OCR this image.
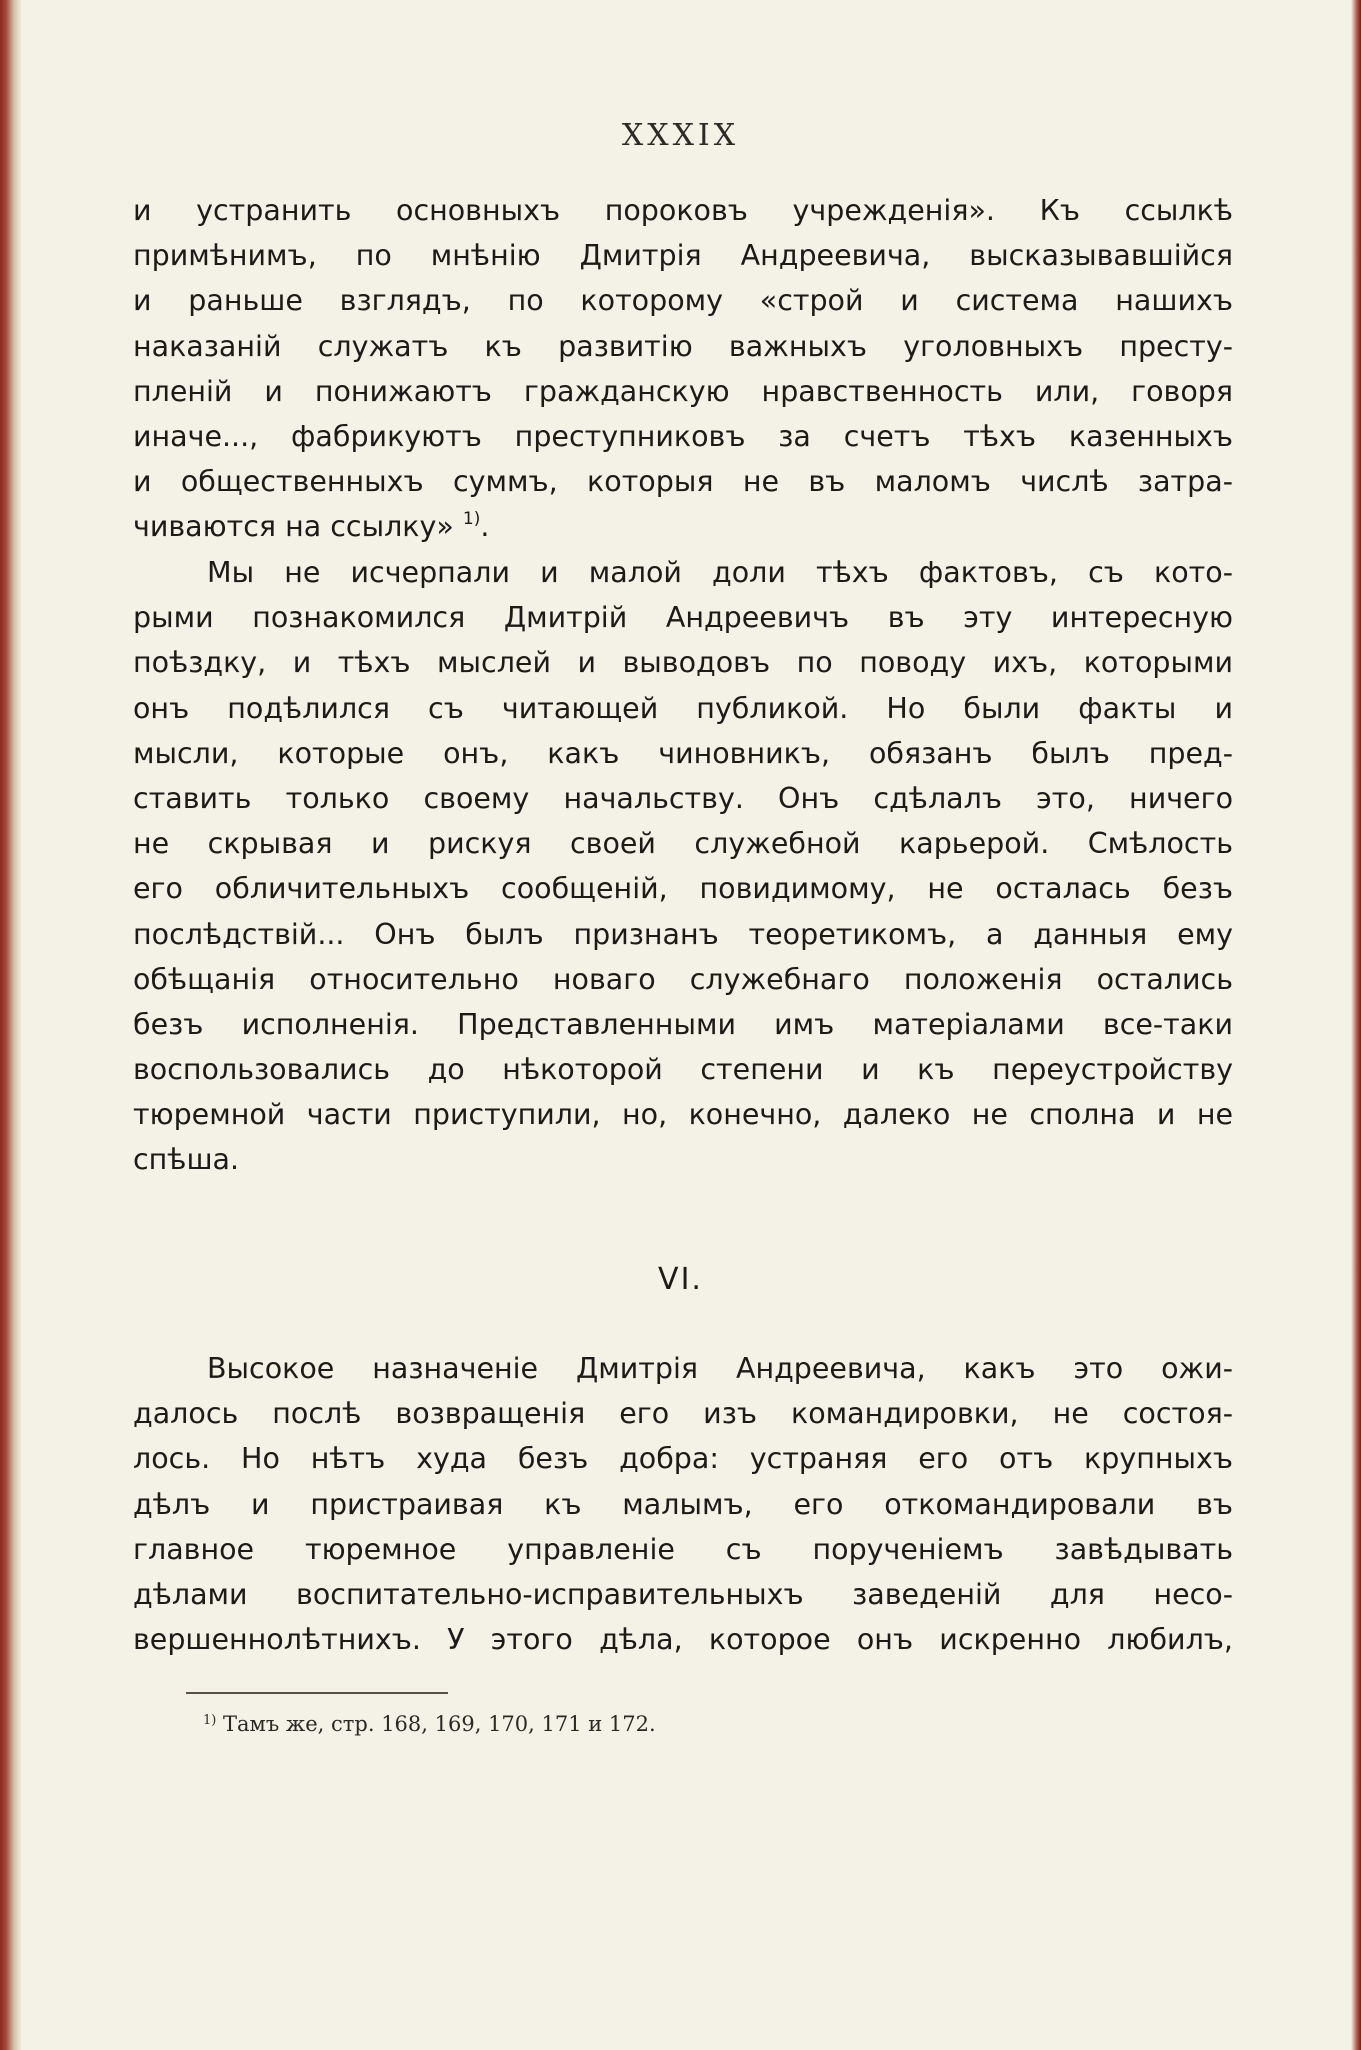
XXXIX
и устранить основныхъ пороковъ учрежденія». Къ ссылкѣ
примѣнимъ, по мнѣнію Дмитрія Андреевича, высказывавшійся
и раньше взглядъ, по которому «строй и система нашихъ
наказаній служатъ къ развитію важныхъ уголовныхъ престу-
пленій и понижаютъ гражданскую нравственность или, говоря
иначе..., фабрикуютъ преступниковъ за счетъ тѣхъ казенныхъ
и общественныхъ суммъ, которыя не въ маломъ числѣ затра-
чиваются на ссылку» $^{1)}$.
Мы не исчерпали и малой доли тѣхъ фактовъ, съ кото-
рыми познакомился Дмитрій Андреевичъ въ эту интересную
поѣздку, и тѣхъ мыслей и выводовъ по поводу ихъ, которыми
онъ подѣлился съ читающей публикой. Но были факты и
мысли, которые онъ, какъ чиновникъ, обязанъ былъ пред-
ставить только своему начальству. Онъ сдѣлалъ это, ничего
не скрывая и рискуя своей служебной карьерой. Смѣлость
его обличительныхъ сообщеній, повидимому, не осталась безъ
послѣдствій... Онъ былъ признанъ теоретикомъ, а данныя ему
обѣщанія относительно новаго служебнаго положенія остались
безъ исполненія. Представленными имъ матеріалами все-таки
воспользовались до нѣкоторой степени и къ переустройству
тюремной части приступили, но, конечно, далеко не сполна и не
спѣша.
VI.
Высокое назначеніе Дмитрія Андреевича, какъ это ожи-
далось послѣ возвращенія его изъ командировки, не состоя-
лось. Но нѣтъ худа безъ добра: устраняя его отъ крупныхъ
дѣлъ и пристраивая къ малымъ, его откомандировали въ
главное тюремное управленіе съ порученіемъ завѣдывать
дѣлами воспитательно-исправительныхъ заведеній для несо-
вершеннолѣтнихъ. У этого дѣла, которое онъ искренно любилъ,
$^{1)}$ Тамъ же, стр. 168, 169, 170, 171 и 172.
